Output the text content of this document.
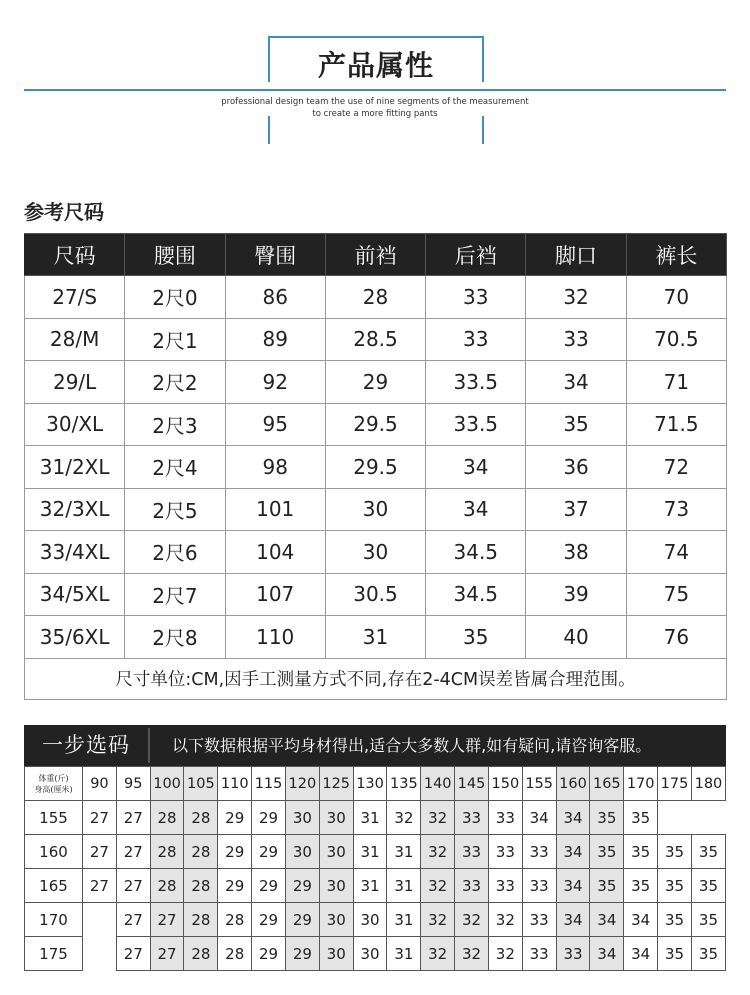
产品属性
professional design team the use of nine segments of the measurement
to create a more fitting pants
参考尺码
尺码	腰围	臀围	前裆	后裆	脚口	裤长
27/S	2尺0	86	28	33	32	70
28/M	2尺1	89	28.5	33	33	70.5
29/L	2尺2	92	29	33.5	34	71
30/XL	2尺3	95	29.5	33.5	35	71.5
31/2XL	2尺4	98	29.5	34	36	72
32/3XL	2尺5	101	30	34	37	73
33/4XL	2尺6	104	30	34.5	38	74
34/5XL	2尺7	107	30.5	34.5	39	75
35/6XL	2尺8	110	31	35	40	76
尺寸单位:CM,因手工测量方式不同,存在2-4CM误差皆属合理范围。						
一步选码	以下数据根据平均身材得出,适合大多数人群,如有疑问,请咨询客服。
体重(斤)
身高(厘米)	90	95	100	105	110	115	120	125	130	135	140	145	150	155	160	165	170	175	180
155	27	27	28	28	29	29	30	30	31	32	32	33	33	34	34	35	35		
160	27	27	28	28	29	29	30	30	31	31	32	33	33	33	34	35	35	35	35
165	27	27	28	28	29	29	29	30	31	31	32	33	33	33	34	35	35	35	35
170		27	27	28	28	29	29	30	30	31	32	32	32	33	34	34	34	35	35
175		27	27	28	28	29	29	30	30	31	32	32	32	33	33	34	34	35	35
